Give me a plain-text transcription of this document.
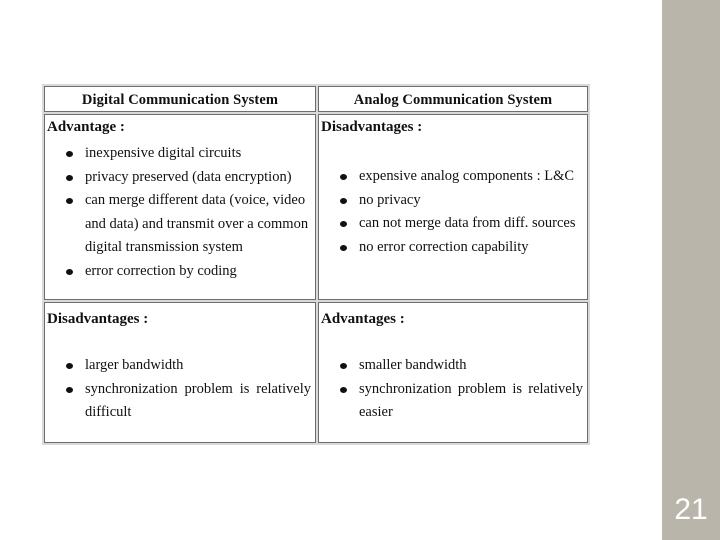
21
Digital Communication System	Analog Communication System
Advantage :
inexpensive digital circuits
privacy preserved (data encryption)
can merge different data (voice, video and data) and transmit over a common digital transmission system
error correction by coding
Disadvantages :
expensive analog components : L&C
no privacy
can not merge data from diff. sources
no error correction capability
Disadvantages :
larger bandwidth
synchronization problem is relatively difficult
Advantages :
smaller bandwidth
synchronization problem is relatively easier
